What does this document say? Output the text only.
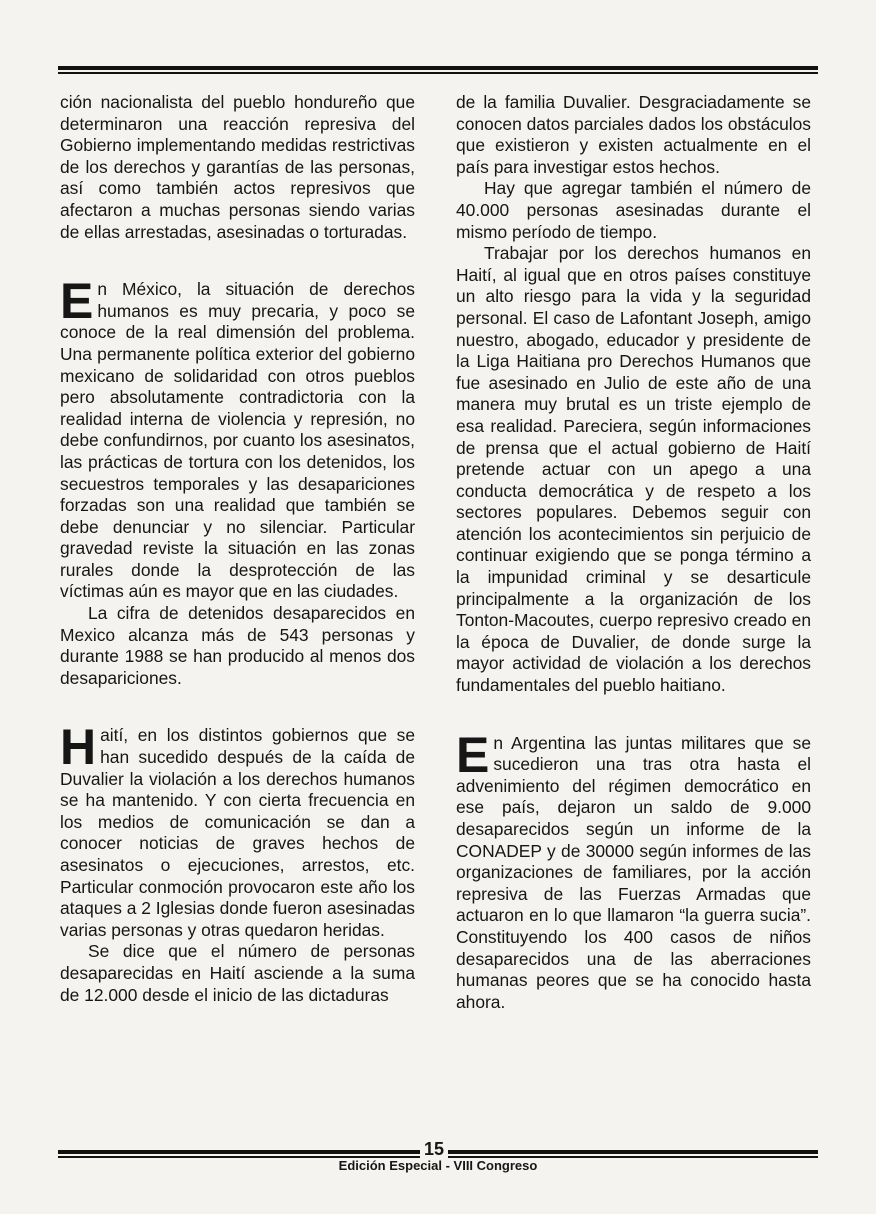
ción nacionalista del pueblo hondureño que determinaron una reacción represiva del Gobierno implementando medidas restrictivas de los derechos y garantías de las personas, así como también actos represivos que afectaron a muchas personas siendo varias de ellas arrestadas, asesinadas o torturadas.

En México, la situación de derechos humanos es muy precaria, y poco se conoce de la real dimensión del problema. Una permanente política exterior del gobierno mexicano de solidaridad con otros pueblos pero absolutamente contradictoria con la realidad interna de violencia y represión, no debe confundirnos, por cuanto los asesinatos, las prácticas de tortura con los detenidos, los secuestros temporales y las desapariciones forzadas son una realidad que también se debe denunciar y no silenciar. Particular gravedad reviste la situación en las zonas rurales donde la desprotección de las víctimas aún es mayor que en las ciudades.

La cifra de detenidos desaparecidos en Mexico alcanza más de 543 personas y durante 1988 se han producido al menos dos desapariciones.

Haití, en los distintos gobiernos que se han sucedido después de la caída de Duvalier la violación a los derechos humanos se ha mantenido. Y con cierta frecuencia en los medios de comunicación se dan a conocer noticias de graves hechos de asesinatos o ejecuciones, arrestos, etc. Particular conmoción provocaron este año los ataques a 2 Iglesias donde fueron asesinadas varias personas y otras quedaron heridas.

Se dice que el número de personas desaparecidas en Haití asciende a la suma de 12.000 desde el inicio de las dictaduras

de la familia Duvalier. Desgraciadamente se conocen datos parciales dados los obstáculos que existieron y existen actualmente en el país para investigar estos hechos.

Hay que agregar también el número de 40.000 personas asesinadas durante el mismo período de tiempo.

Trabajar por los derechos humanos en Haití, al igual que en otros países constituye un alto riesgo para la vida y la seguridad personal. El caso de Lafontant Joseph, amigo nuestro, abogado, educador y presidente de la Liga Haitiana pro Derechos Humanos que fue asesinado en Julio de este año de una manera muy brutal es un triste ejemplo de esa realidad. Pareciera, según informaciones de prensa que el actual gobierno de Haití pretende actuar con un apego a una conducta democrática y de respeto a los sectores populares. Debemos seguir con atención los acontecimientos sin perjuicio de continuar exigiendo que se ponga término a la impunidad criminal y se desarticule principalmente a la organización de los Tonton-Macoutes, cuerpo represivo creado en la época de Duvalier, de donde surge la mayor actividad de violación a los derechos fundamentales del pueblo haitiano.

En Argentina las juntas militares que se sucedieron una tras otra hasta el advenimiento del régimen democrático en ese país, dejaron un saldo de 9.000 desaparecidos según un informe de la CONADEP y de 30000 según informes de las organizaciones de familiares, por la acción represiva de las Fuerzas Armadas que actuaron en lo que llamaron “la guerra sucia”. Constituyendo los 400 casos de niños desaparecidos una de las aberraciones humanas peores que se ha conocido hasta ahora.

15
Edición Especial - VIII Congreso
